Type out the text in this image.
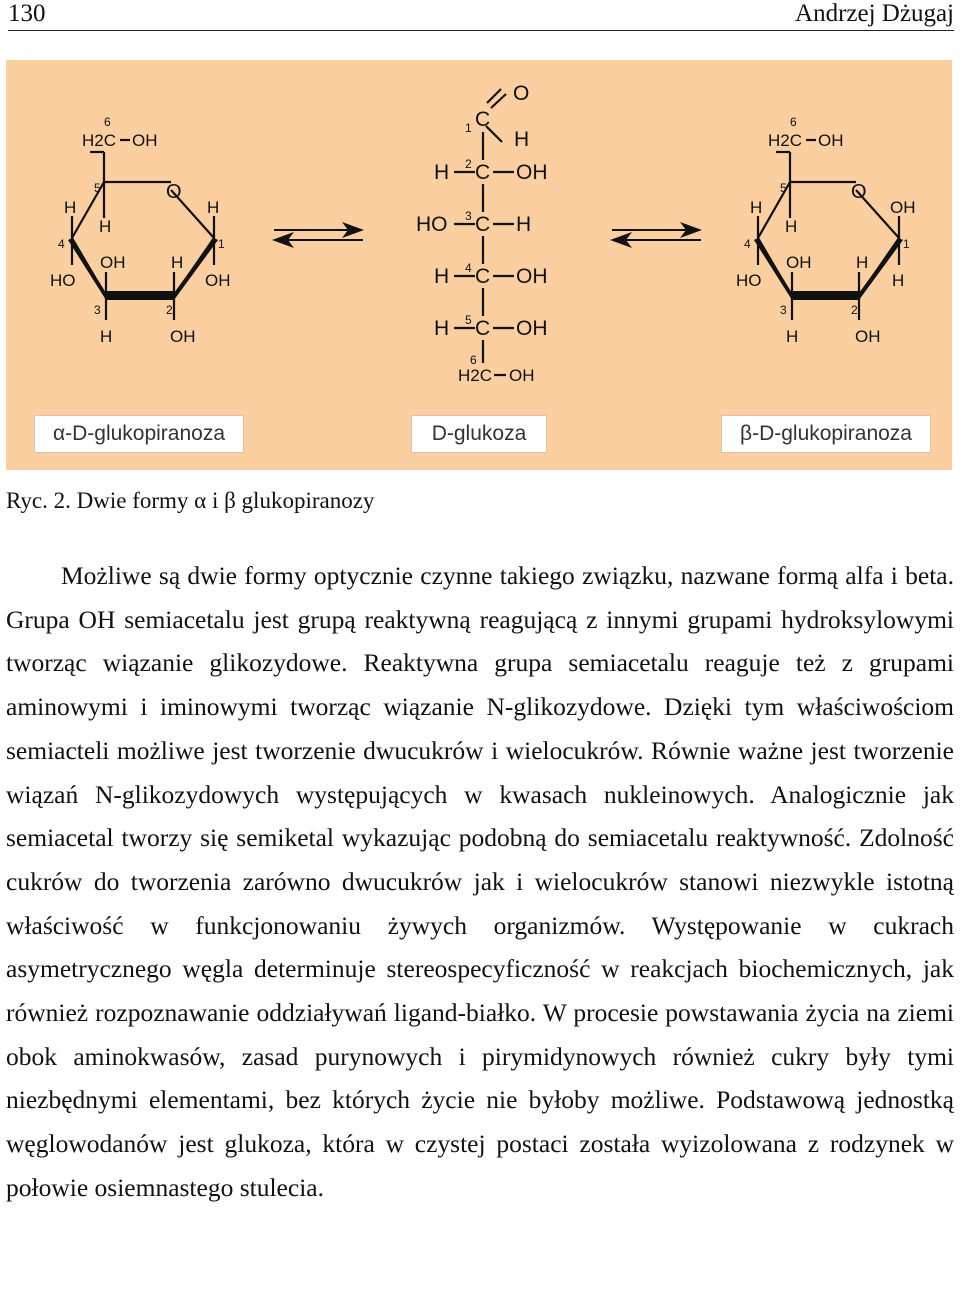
130	Andrzej Dżugaj
6
H2C OH
5	O
H
H
H
4	1
OH	H
HO	OH
3	2
H	OH
O
1 C
H
H 2 C OH
HO 3 C H
H 4 C OH
H 5 C OH
6
H2C OH
6
H2C OH
5	O
H
H
OH
4	1
OH	H
HO	H
3	2
H	OH
α-D-glukopiranoza	D-glukoza	β-D-glukopiranoza
Ryc. 2. Dwie formy α i β glukopiranozy

Możliwe są dwie formy optycznie czynne takiego związku, nazwane formą alfa i beta. Grupa OH semiacetalu jest grupą reaktywną reagującą z innymi grupami hydroksylowymi tworząc wiązanie glikozydowe. Reaktywna grupa semiacetalu reaguje też z grupami aminowymi i iminowymi tworząc wiązanie N-glikozydowe. Dzięki tym właściwościom semiacteli możliwe jest tworzenie dwucukrów i wielocukrów. Równie ważne jest tworzenie wiązań N-glikozydowych występujących w kwasach nukleinowych. Analogicznie jak semiacetal tworzy się semiketal wykazując podobną do semiacetalu reaktywność. Zdolność cukrów do tworzenia zarówno dwucukrów jak i wielocukrów stanowi niezwykle istotną właściwość w funkcjonowaniu żywych organizmów. Występowanie w cukrach asymetrycznego węgla determinuje stereospecyficzność w reakcjach biochemicznych, jak również rozpoznawanie oddziaływań ligand-białko. W procesie powstawania życia na ziemi obok aminokwasów, zasad purynowych i pirymidynowych również cukry były tymi niezbędnymi elementami, bez których życie nie byłoby możliwe. Podstawową jednostką węglowodanów jest glukoza, która w czystej postaci została wyizolowana z rodzynek w połowie osiemnastego stulecia.
